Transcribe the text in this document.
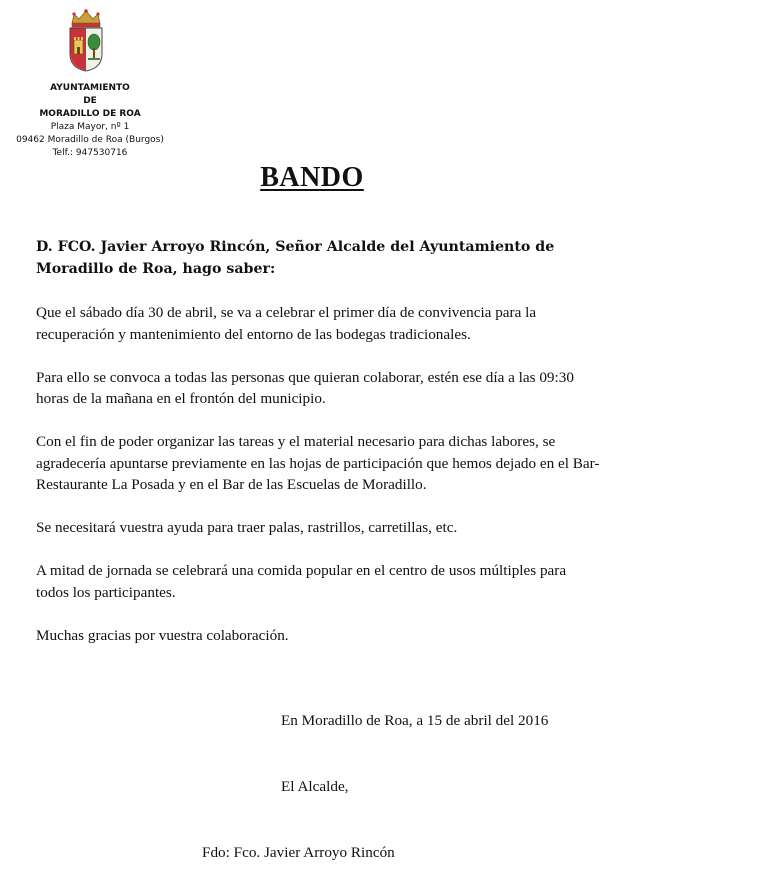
AYUNTAMIENTO
DE
MORADILLO DE ROA
Plaza Mayor, nº 1
09462 Moradillo de Roa (Burgos)
Telf.: 947530716
BANDO
D. FCO. Javier Arroyo Rincón, Señor Alcalde del Ayuntamiento de Moradillo de Roa, hago saber:

Que el sábado día 30 de abril, se va a celebrar el primer día de convivencia para la recuperación y mantenimiento del entorno de las bodegas tradicionales.

Para ello se convoca a todas las personas que quieran colaborar, estén ese día a las 09:30 horas de la mañana en el frontón del municipio.

Con el fin de poder organizar las tareas y el material necesario para dichas labores, se agradecería apuntarse previamente en las hojas de participación que hemos dejado en el Bar-Restaurante La Posada y en el Bar de las Escuelas de Moradillo.

Se necesitará vuestra ayuda para traer palas, rastrillos, carretillas, etc.

A mitad de jornada se celebrará una comida popular en el centro de usos múltiples para todos los participantes.

Muchas gracias por vuestra colaboración.

En Moradillo de Roa, a 15 de abril del 2016
El Alcalde,
Fdo: Fco. Javier Arroyo Rincón
